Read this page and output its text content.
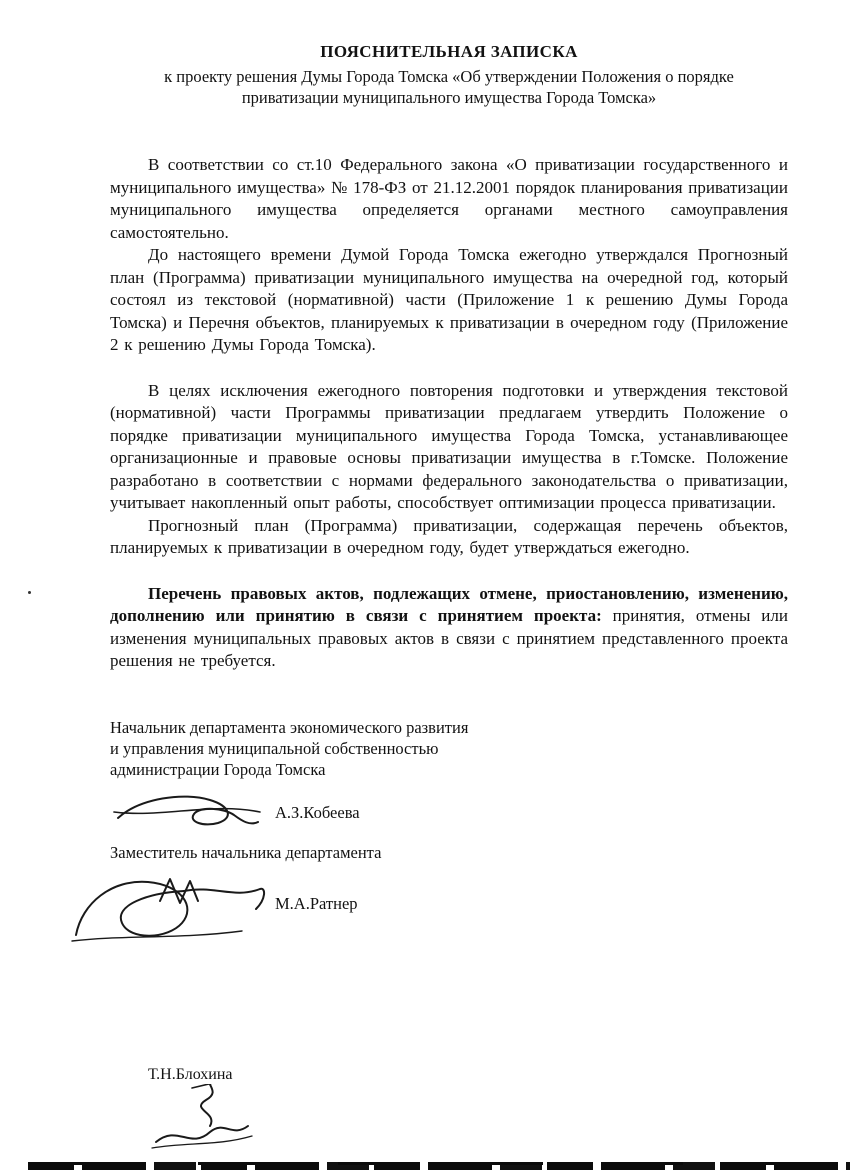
ПОЯСНИТЕЛЬНАЯ ЗАПИСКА
к проекту решения Думы Города Томска «Об утверждении Положения о порядке
приватизации муниципального имущества Города Томска»

В соответствии со ст.10 Федерального закона «О приватизации государственного и муниципального имущества» № 178-ФЗ от 21.12.2001 порядок планирования приватизации муниципального имущества определяется органами местного самоуправления самостоятельно.

До настоящего времени Думой Города Томска ежегодно утверждался Прогнозный план (Программа) приватизации муниципального имущества на очередной год, который состоял из текстовой (нормативной) части (Приложение 1 к решению Думы Города Томска) и Перечня объектов, планируемых к приватизации в очередном году (Приложение 2 к решению Думы Города Томска).

В целях исключения ежегодного повторения подготовки и утверждения текстовой (нормативной) части Программы приватизации предлагаем утвердить Положение о порядке приватизации муниципального имущества Города Томска, устанавливающее организационные и правовые основы приватизации имущества в г.Томске. Положение разработано в соответствии с нормами федерального законодательства о приватизации, учитывает накопленный опыт работы, способствует оптимизации процесса приватизации.

Прогнозный план (Программа) приватизации, содержащая перечень объектов, планируемых к приватизации в очередном году, будет утверждаться ежегодно.

Перечень правовых актов, подлежащих отмене, приостановлению, изменению, дополнению или принятию в связи с принятием проекта: принятия, отмены или изменения муниципальных правовых актов в связи с принятием представленного проекта решения не требуется.

Начальник департамента экономического развития

и управления муниципальной собственностью

администрации Города Томска

А.З.Кобеева

Заместитель начальника департамента

М.А.Ратнер
Т.Н.Блохина
